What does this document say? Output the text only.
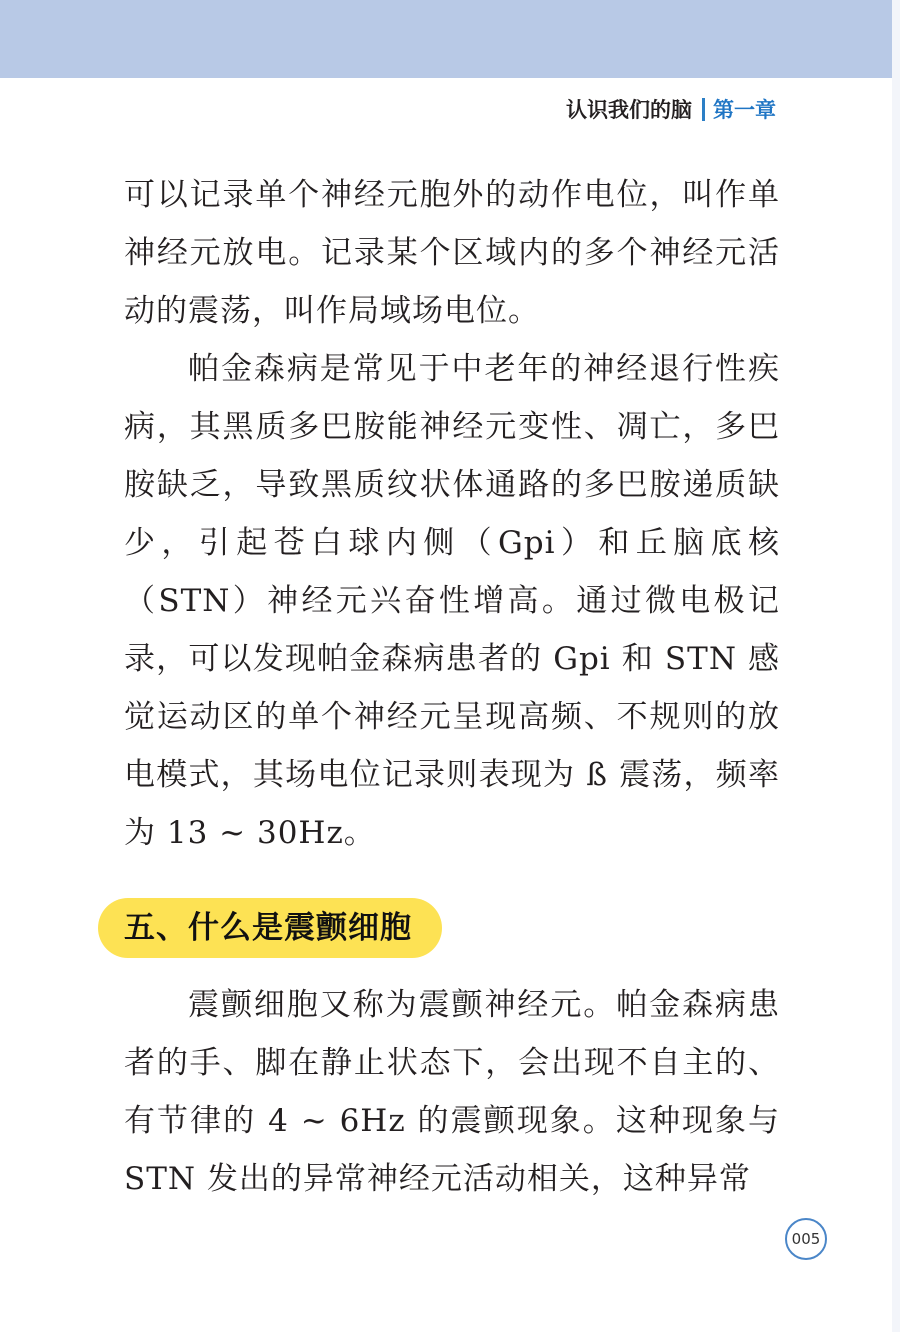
认识我们的脑 第一章

可以记录单个神经元胞外的动作电位，叫作单神经元放电。记录某个区域内的多个神经元活动的震荡，叫作局域场电位。

帕金森病是常见于中老年的神经退行性疾病，其黑质多巴胺能神经元变性、凋亡，多巴胺缺乏，导致黑质纹状体通路的多巴胺递质缺少，引起苍白球内侧（Gpi）和丘脑底核（STN）神经元兴奋性增高。通过微电极记录，可以发现帕金森病患者的 Gpi 和 STN 感觉运动区的单个神经元呈现高频、不规则的放电模式，其场电位记录则表现为 ß 震荡，频率为 13 ~ 30Hz。

五、什么是震颤细胞

震颤细胞又称为震颤神经元。帕金森病患者的手、脚在静止状态下，会出现不自主的、有节律的 4 ~ 6Hz 的震颤现象。这种现象与 STN 发出的异常神经元活动相关，这种异常

005
